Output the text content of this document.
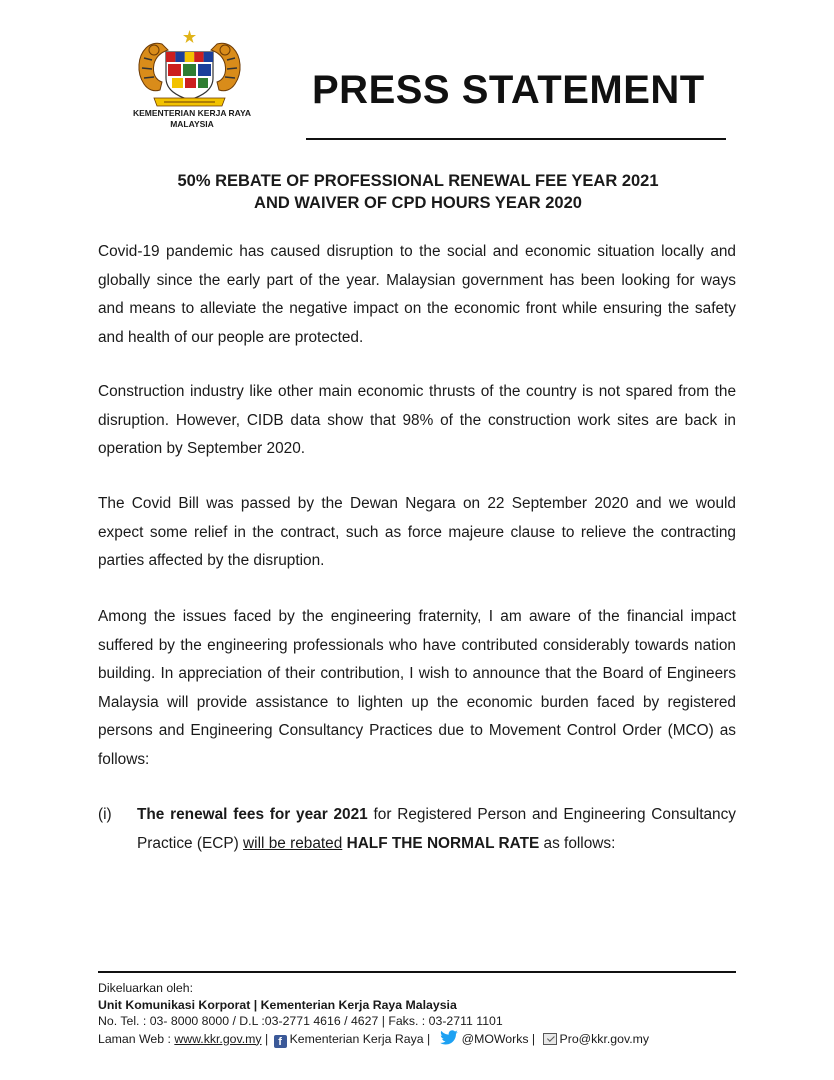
KEMENTERIAN KERJA RAYA
MALAYSIA
PRESS STATEMENT
50% REBATE OF PROFESSIONAL RENEWAL FEE YEAR 2021
AND WAIVER OF CPD HOURS YEAR 2020

Covid-19 pandemic has caused disruption to the social and economic situation locally and globally since the early part of the year. Malaysian government has been looking for ways and means to alleviate the negative impact on the economic front while ensuring the safety and health of our people are protected.

Construction industry like other main economic thrusts of the country is not spared from the disruption. However, CIDB data show that 98% of the construction work sites are back in operation by September 2020.

The Covid Bill was passed by the Dewan Negara on 22 September 2020 and we would expect some relief in the contract, such as force majeure clause to relieve the contracting parties affected by the disruption.

Among the issues faced by the engineering fraternity, I am aware of the financial impact suffered by the engineering professionals who have contributed considerably towards nation building. In appreciation of their contribution, I wish to announce that the Board of Engineers Malaysia will provide assistance to lighten up the economic burden faced by registered persons and Engineering Consultancy Practices due to Movement Control Order (MCO) as follows:

(i) The renewal fees for year 2021 for Registered Person and Engineering Consultancy Practice (ECP) will be rebated HALF THE NORMAL RATE as follows:

Dikeluarkan oleh:
Unit Komunikasi Korporat | Kementerian Kerja Raya Malaysia
No. Tel. : 03- 8000 8000 / D.L :03-2771 4616 / 4627 | Faks. : 03-2711 1101
Laman Web : www.kkr.gov.my | f Kementerian Kerja Raya | @MOWorks | Pro@kkr.gov.my
